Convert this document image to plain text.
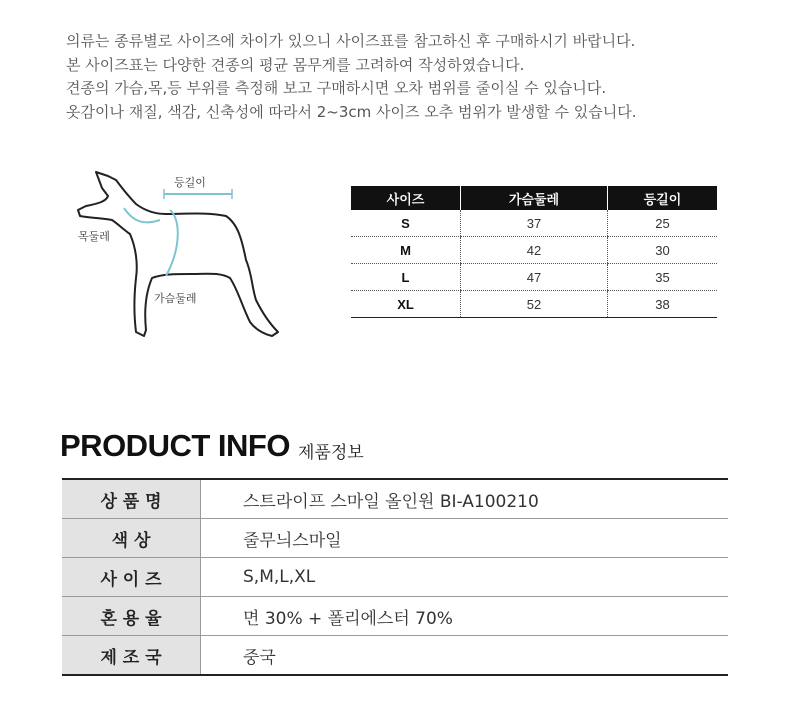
의류는 종류별로 사이즈에 차이가 있으니 사이즈표를 참고하신 후 구매하시기 바랍니다.
본 사이즈표는 다양한 견종의 평균 몸무게를 고려하여 작성하였습니다.
견종의 가슴,목,등 부위를 측정해 보고 구매하시면 오차 범위를 줄이실 수 있습니다.
옷감이나 재질, 색감, 신축성에 따라서 2~3cm 사이즈 오추 범위가 발생할 수 있습니다.
등길이
목둘레
가슴둘레
사이즈	가슴둘레	등길이
S	37	25
M	42	30
L	47	35
XL	52	38
PRODUCT INFO 제품정보
상 품 명	스트라이프 스마일 올인원 BI-A100210
색 상	줄무늬스마일
사 이 즈	S,M,L,XL
혼 용 율	면 30% + 폴리에스터 70%
제 조 국	중국
